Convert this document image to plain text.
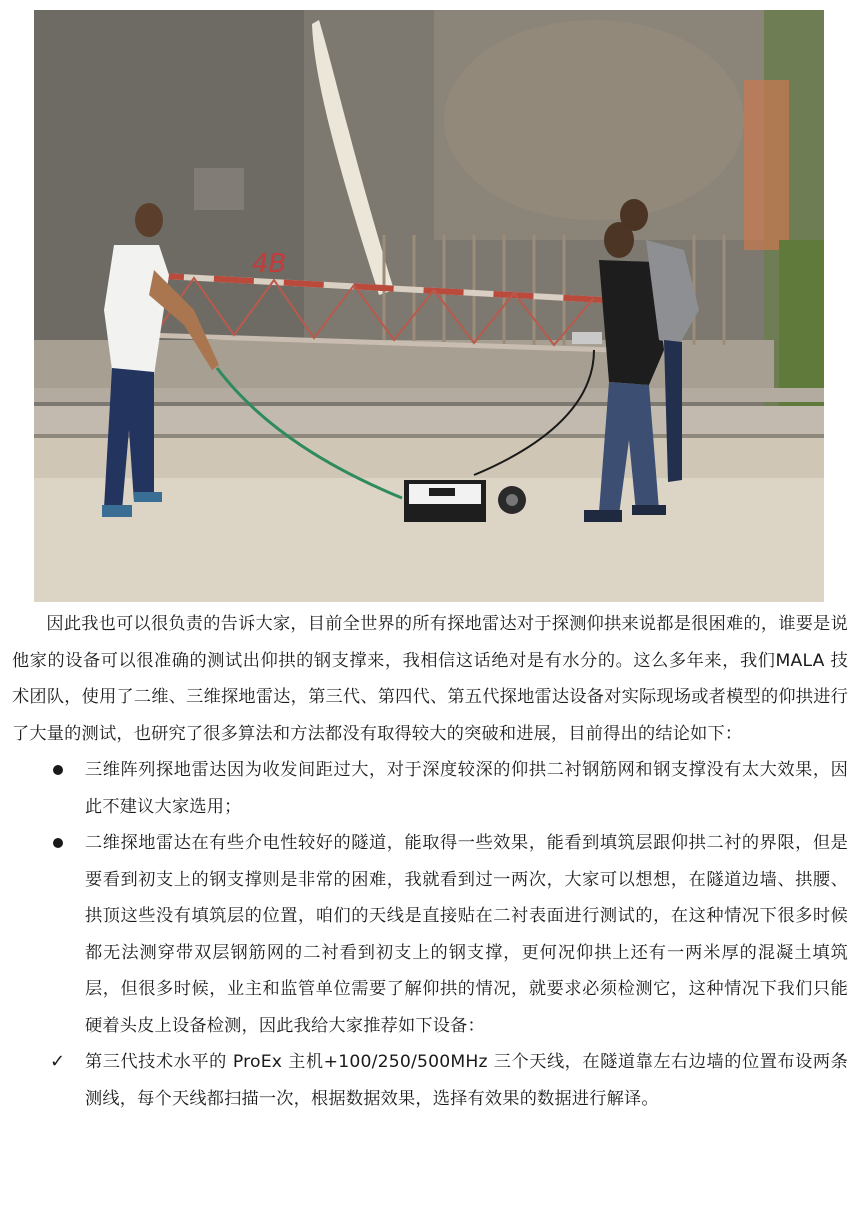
4B

因此我也可以很负责的告诉大家，目前全世界的所有探地雷达对于探测仰拱来说都是很困难的，谁要是说他家的设备可以很准确的测试出仰拱的钢支撑来，我相信这话绝对是有水分的。这么多年来，我们MALA 技术团队，使用了二维、三维探地雷达，第三代、第四代、第五代探地雷达设备对实际现场或者模型的仰拱进行了大量的测试，也研究了很多算法和方法都没有取得较大的突破和进展，目前得出的结论如下：

三维阵列探地雷达因为收发间距过大，对于深度较深的仰拱二衬钢筋网和钢支撑没有太大效果，因此不建议大家选用；

二维探地雷达在有些介电性较好的隧道，能取得一些效果，能看到填筑层跟仰拱二衬的界限，但是要看到初支上的钢支撑则是非常的困难，我就看到过一两次，大家可以想想，在隧道边墙、拱腰、拱顶这些没有填筑层的位置，咱们的天线是直接贴在二衬表面进行测试的，在这种情况下很多时候都无法测穿带双层钢筋网的二衬看到初支上的钢支撑，更何况仰拱上还有一两米厚的混凝土填筑层，但很多时候，业主和监管单位需要了解仰拱的情况，就要求必须检测它，这种情况下我们只能硬着头皮上设备检测，因此我给大家推荐如下设备：

✓ 第三代技术水平的 ProEx 主机+100/250/500MHz 三个天线，在隧道靠左右边墙的位置布设两条测线，每个天线都扫描一次，根据数据效果，选择有效果的数据进行解译。
